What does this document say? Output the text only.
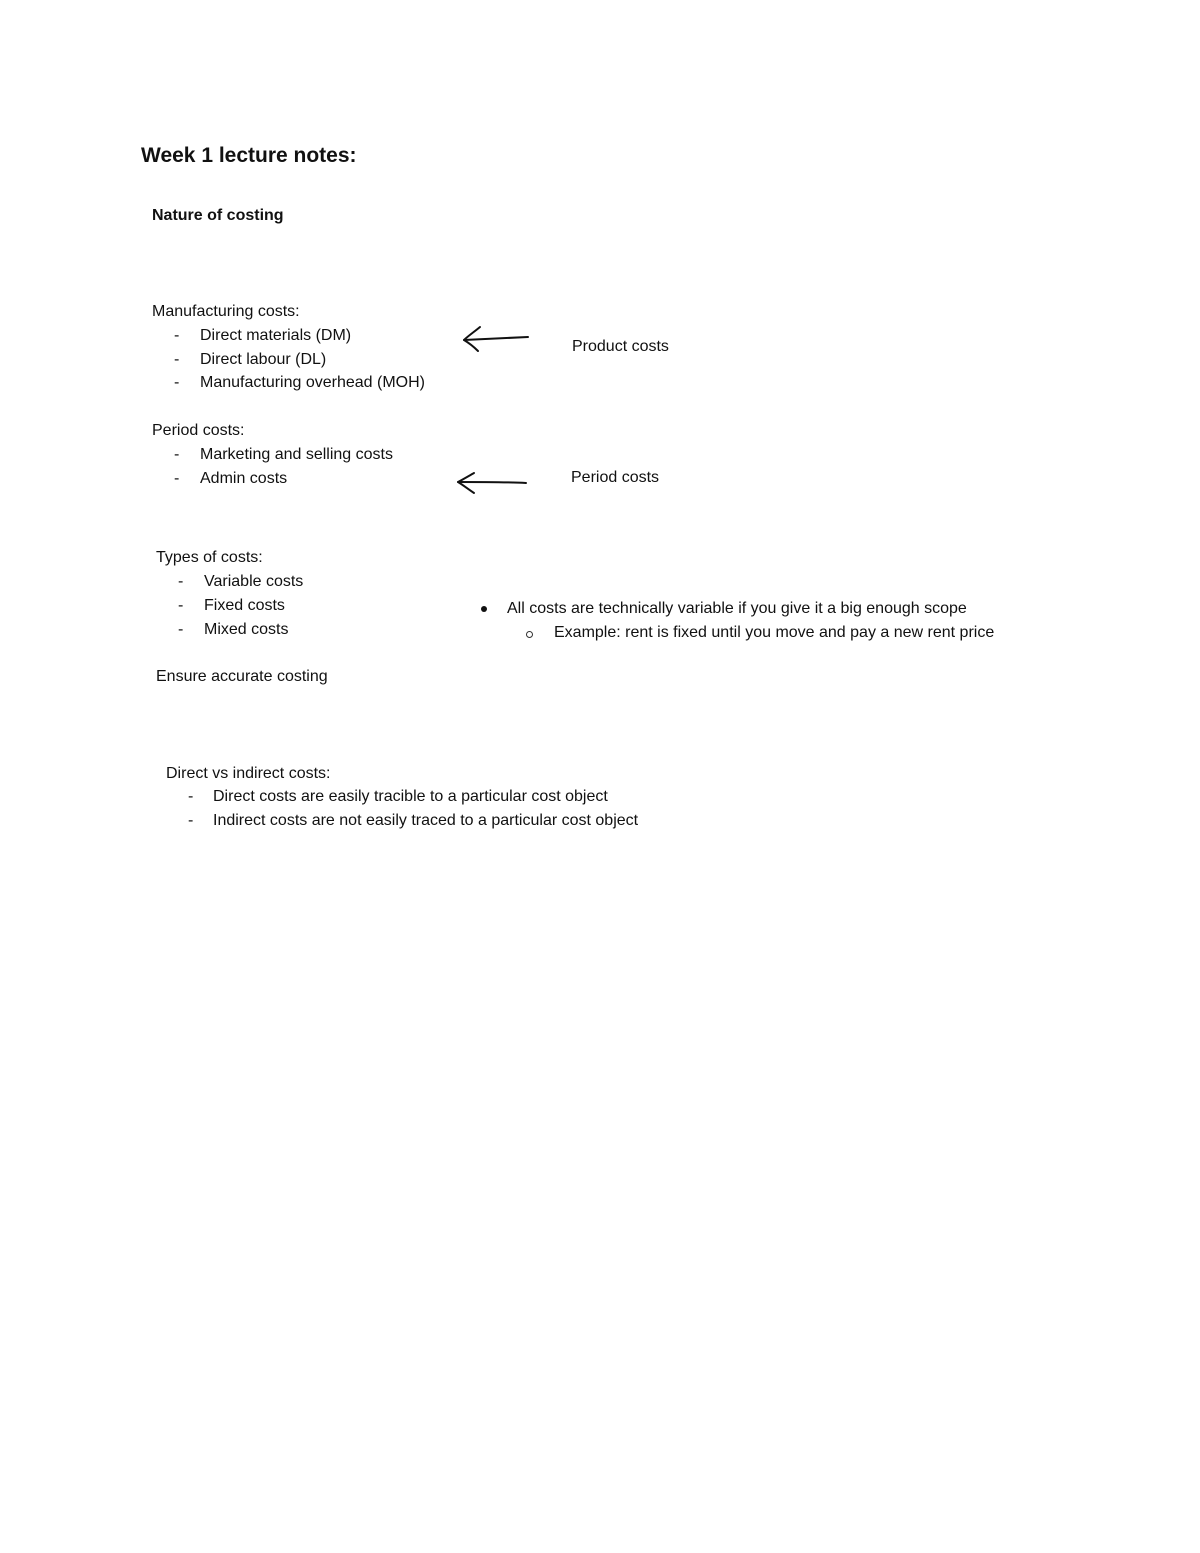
Week 1 lecture notes:
Nature of costing
Manufacturing costs:
- Direct materials (DM)
- Direct labour (DL)
- Manufacturing overhead (MOH)
Product costs
Period costs:
- Marketing and selling costs
- Admin costs	Period costs
Types of costs:
- Variable costs
- Fixed costs
- Mixed costs
All costs are technically variable if you give it a big enough scope
Example: rent is fixed until you move and pay a new rent price
Ensure accurate costing
Direct vs indirect costs:
- Direct costs are easily tracible to a particular cost object
- Indirect costs are not easily traced to a particular cost object
